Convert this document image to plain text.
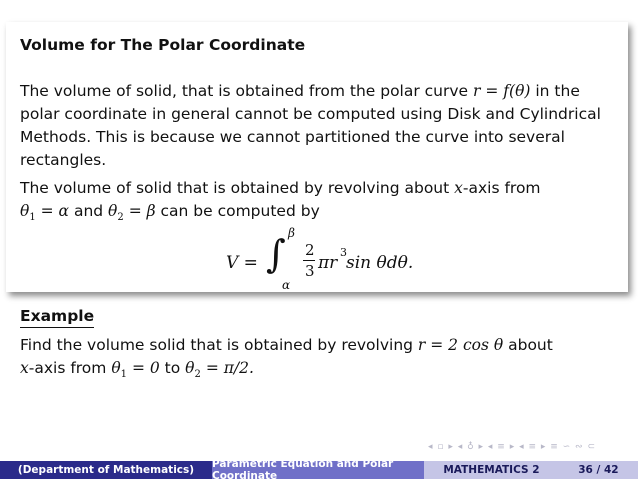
Volume for The Polar Coordinate
The volume of solid, that is obtained from the polar curve r = f(θ) in the
polar coordinate in general cannot be computed using Disk and Cylindrical
Methods. This is because we cannot partitioned the curve into several
rectangles.
The volume of solid that is obtained by revolving about x-axis from
$\theta_1 = \alpha$ and $\theta_2 = \beta$ can be computed by
V = ∫ β
α
2
3 πr
3
sin θdθ.
Example
Find the volume solid that is obtained by revolving r = 2 cos θ about
x-axis from $\theta_1 = 0$ to $\theta_2 = \pi/2$.
◂ ▫ ▸ ◂ ♁ ▸ ◂ ≡ ▸ ◂ ≡ ▸ ≡ ∽ ∾ ⊂
(Department of Mathematics)	Parametric Equation and Polar Coordinate	MATHEMATICS 2	36 / 42
